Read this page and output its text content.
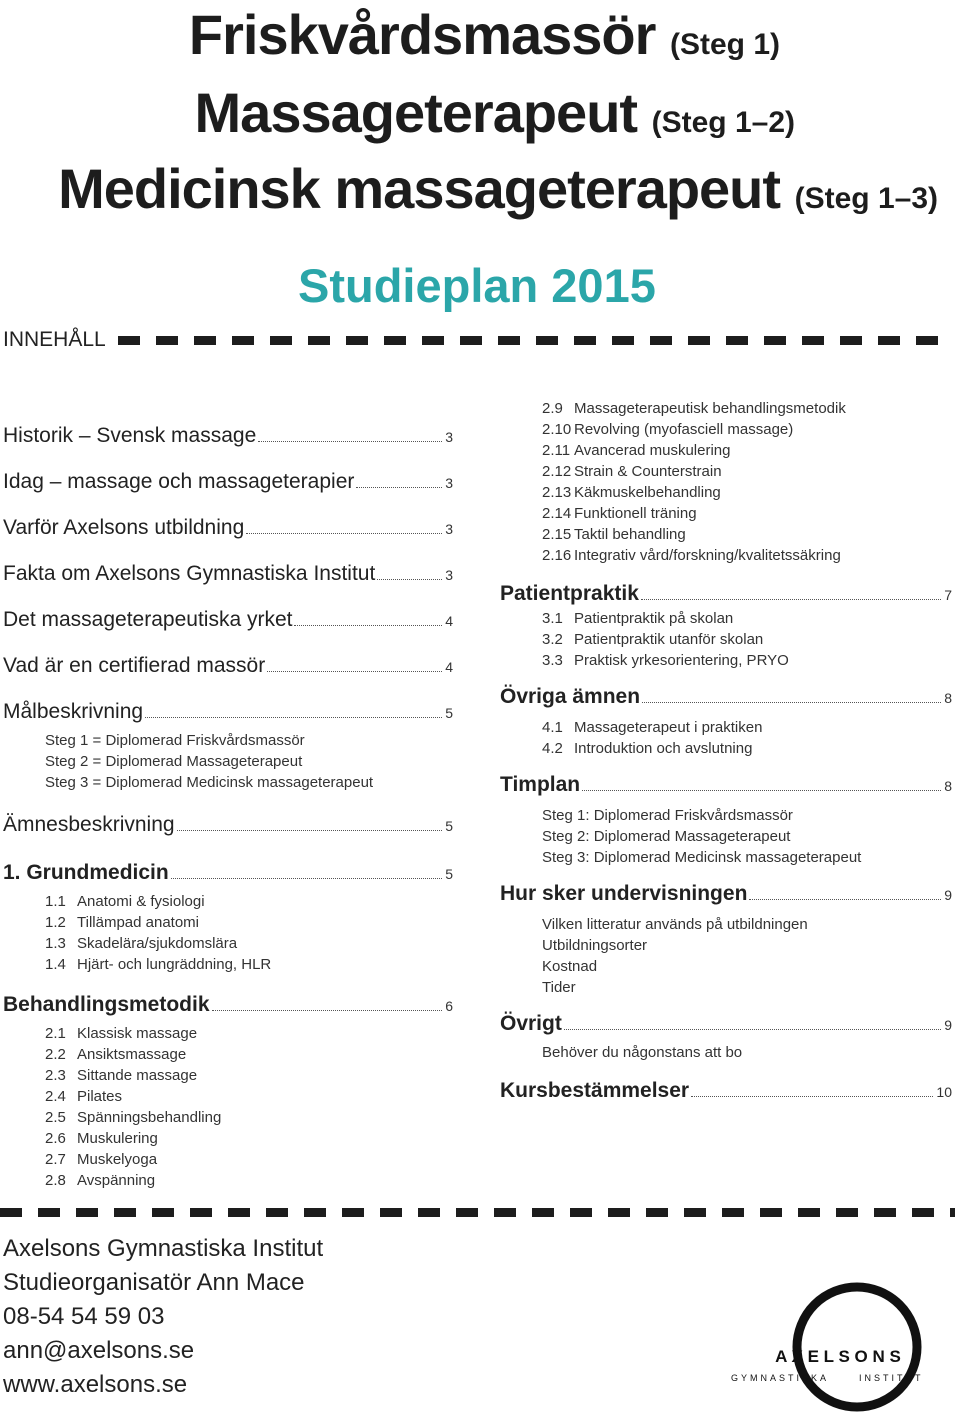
Friskvårdsmassör (Steg 1)
Massageterapeut (Steg 1–2)
Medicinsk massageterapeut (Steg 1–3)
Studieplan 2015
INNEHÅLL
Historik – Svensk massage	3
Idag – massage och massageterapier	3
Varför Axelsons utbildning	3
Fakta om Axelsons Gymnastiska Institut	3
Det massageterapeutiska yrket	4
Vad är en certifierad massör	4
Målbeskrivning	5
Steg 1 = Diplomerad Friskvårdsmassör
Steg 2 = Diplomerad Massageterapeut
Steg 3 = Diplomerad Medicinsk massageterapeut
Ämnesbeskrivning	5
1. Grundmedicin	5
1.1 Anatomi & fysiologi
1.2 Tillämpad anatomi
1.3 Skadelära/sjukdomslära
1.4 Hjärt- och lungräddning, HLR
Behandlingsmetodik	6
2.1 Klassisk massage
2.2 Ansiktsmassage
2.3 Sittande massage
2.4 Pilates
2.5 Spänningsbehandling
2.6 Muskulering
2.7 Muskelyoga
2.8 Avspänning
2.9 Massageterapeutisk behandlingsmetodik
2.10 Revolving (myofasciell massage)
2.11 Avancerad muskulering
2.12 Strain & Counterstrain
2.13 Käkmuskelbehandling
2.14 Funktionell träning
2.15 Taktil behandling
2.16 Integrativ vård/forskning/kvalitetssäkring
Patientpraktik	7
3.1 Patientpraktik på skolan
3.2 Patientpraktik utanför skolan
3.3 Praktisk yrkesorientering, PRYO
Övriga ämnen	8
4.1 Massageterapeut i praktiken
4.2 Introduktion och avslutning
Timplan	8
Steg 1: Diplomerad Friskvårdsmassör
Steg 2: Diplomerad Massageterapeut
Steg 3: Diplomerad Medicinsk massageterapeut
Hur sker undervisningen	9
Vilken litteratur används på utbildningen
Utbildningsorter
Kostnad
Tider
Övrigt	9
Behöver du någonstans att bo
Kursbestämmelser	10
Axelsons Gymnastiska Institut
Studieorganisatör Ann Mace
08-54 54 59 03
ann@axelsons.se
www.axelsons.se
A X E L S O N S
GYMNASTISKA	INSTITUT
